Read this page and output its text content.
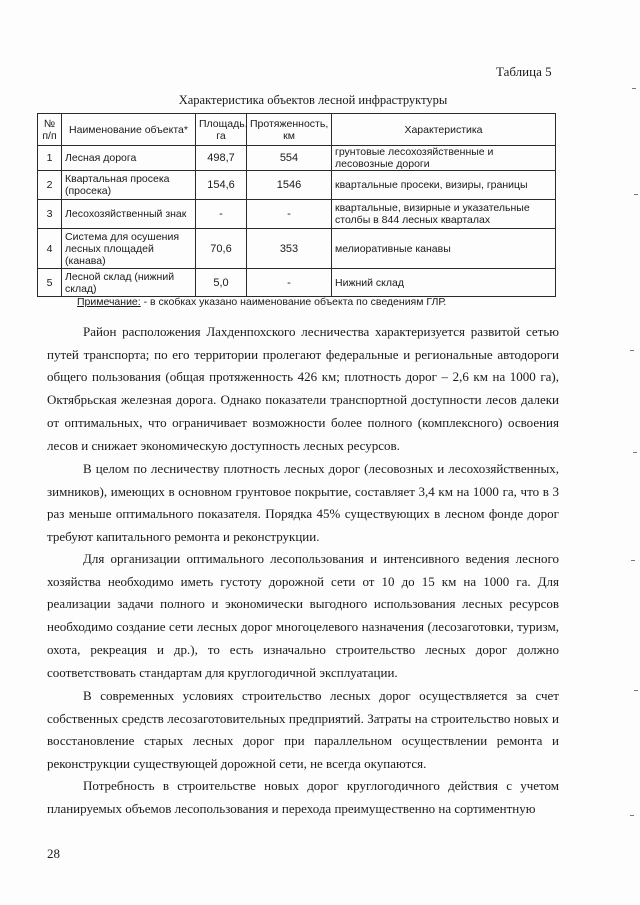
Таблица 5
Характеристика объектов лесной инфраструктуры
№ п/п	Наименование объекта*	Площадь, га	Протяженность, км	Характеристика
1	Лесная дорога	498,7	554	грунтовые лесохозяйственные и лесовозные дороги
2	Квартальная просека (просека)	154,6	1546	квартальные просеки, визиры, границы
3	Лесохозяйственный знак	-	-	квартальные, визирные и указательные столбы в 844 лесных кварталах
4	Система для осушения лесных площадей (канава)	70,6	353	мелиоративные канавы
5	Лесной склад (нижний склад)	5,0	-	Нижний склад
Примечание: - в скобках указано наименование объекта по сведениям ГЛР.

Район расположения Лахденпохского лесничества характеризуется развитой сетью путей транспорта; по его территории пролегают федеральные и региональные автодороги общего пользования (общая протяженность 426 км; плотность дорог – 2,6 км на 1000 га), Октябрьская железная дорога. Однако показатели транспортной доступности лесов далеки от оптимальных, что ограничивает возможности более полного (комплексного) освоения лесов и снижает экономическую доступность лесных ресурсов.

В целом по лесничеству плотность лесных дорог (лесовозных и лесохозяйственных, зимников), имеющих в основном грунтовое покрытие, составляет 3,4 км на 1000 га, что в 3 раз меньше оптимального показателя. Порядка 45% существующих в лесном фонде дорог требуют капитального ремонта и реконструкции.

Для организации оптимального лесопользования и интенсивного ведения лесного хозяйства необходимо иметь густоту дорожной сети от 10 до 15 км на 1000 га. Для реализации задачи полного и экономически выгодного использования лесных ресурсов необходимо создание сети лесных дорог многоцелевого назначения (лесозаготовки, туризм, охота, рекреация и др.), то есть изначально строительство лесных дорог должно соответствовать стандартам для круглогодичной эксплуатации.

В современных условиях строительство лесных дорог осуществляется за счет собственных средств лесозаготовительных предприятий. Затраты на строительство новых и восстановление старых лесных дорог при параллельном осуществлении ремонта и реконструкции существующей дорожной сети, не всегда окупаются.

Потребность в строительстве новых дорог круглогодичного действия с учетом планируемых объемов лесопользования и перехода преимущественно на сортиментную

28
